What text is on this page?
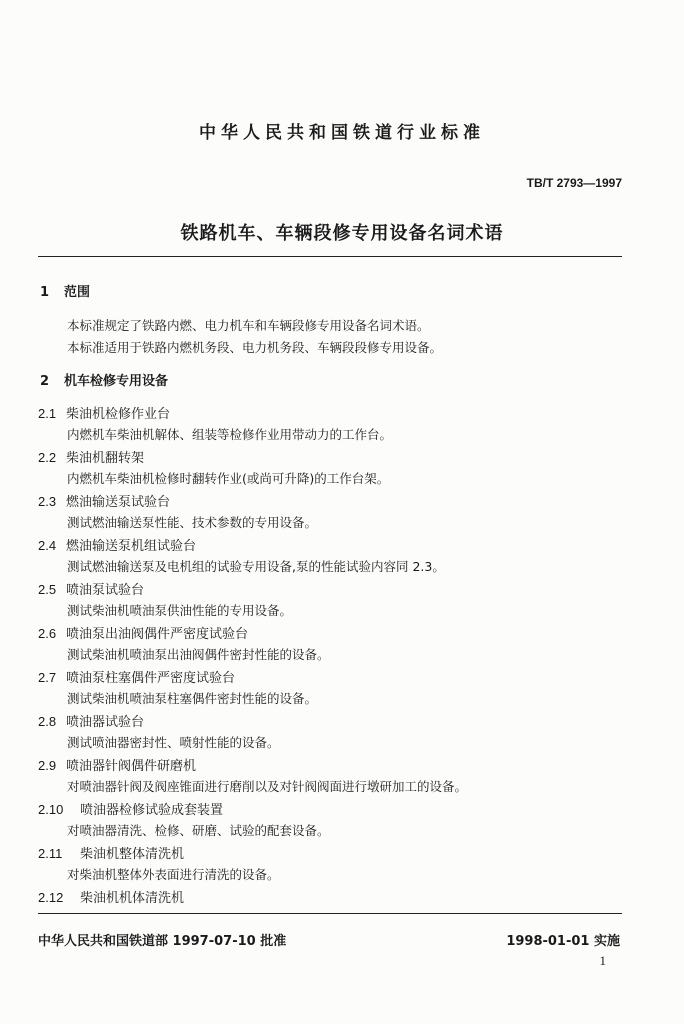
中华人民共和国铁道行业标准
TB/T 2793—1997
铁路机车、车辆段修专用设备名词术语
1 范围
本标准规定了铁路内燃、电力机车和车辆段修专用设备名词术语。
本标准适用于铁路内燃机务段、电力机务段、车辆段段修专用设备。
2 机车检修专用设备
2.1 柴油机检修作业台
内燃机车柴油机解体、组装等检修作业用带动力的工作台。
2.2 柴油机翻转架
内燃机车柴油机检修时翻转作业(或尚可升降)的工作台架。
2.3 燃油输送泵试验台
测试燃油输送泵性能、技术参数的专用设备。
2.4 燃油输送泵机组试验台
测试燃油输送泵及电机组的试验专用设备,泵的性能试验内容同 2.3。
2.5 喷油泵试验台
测试柴油机喷油泵供油性能的专用设备。
2.6 喷油泵出油阀偶件严密度试验台
测试柴油机喷油泵出油阀偶件密封性能的设备。
2.7 喷油泵柱塞偶件严密度试验台
测试柴油机喷油泵柱塞偶件密封性能的设备。
2.8 喷油器试验台
测试喷油器密封性、喷射性能的设备。
2.9 喷油器针阀偶件研磨机
对喷油器针阀及阀座锥面进行磨削以及对针阀阀面进行墩研加工的设备。
2.10 喷油器检修试验成套装置
对喷油器清洗、检修、研磨、试验的配套设备。
2.11 柴油机整体清洗机
对柴油机整体外表面进行清洗的设备。
2.12 柴油机机体清洗机
中华人民共和国铁道部 1997-07-10 批准	1998-01-01 实施
1
